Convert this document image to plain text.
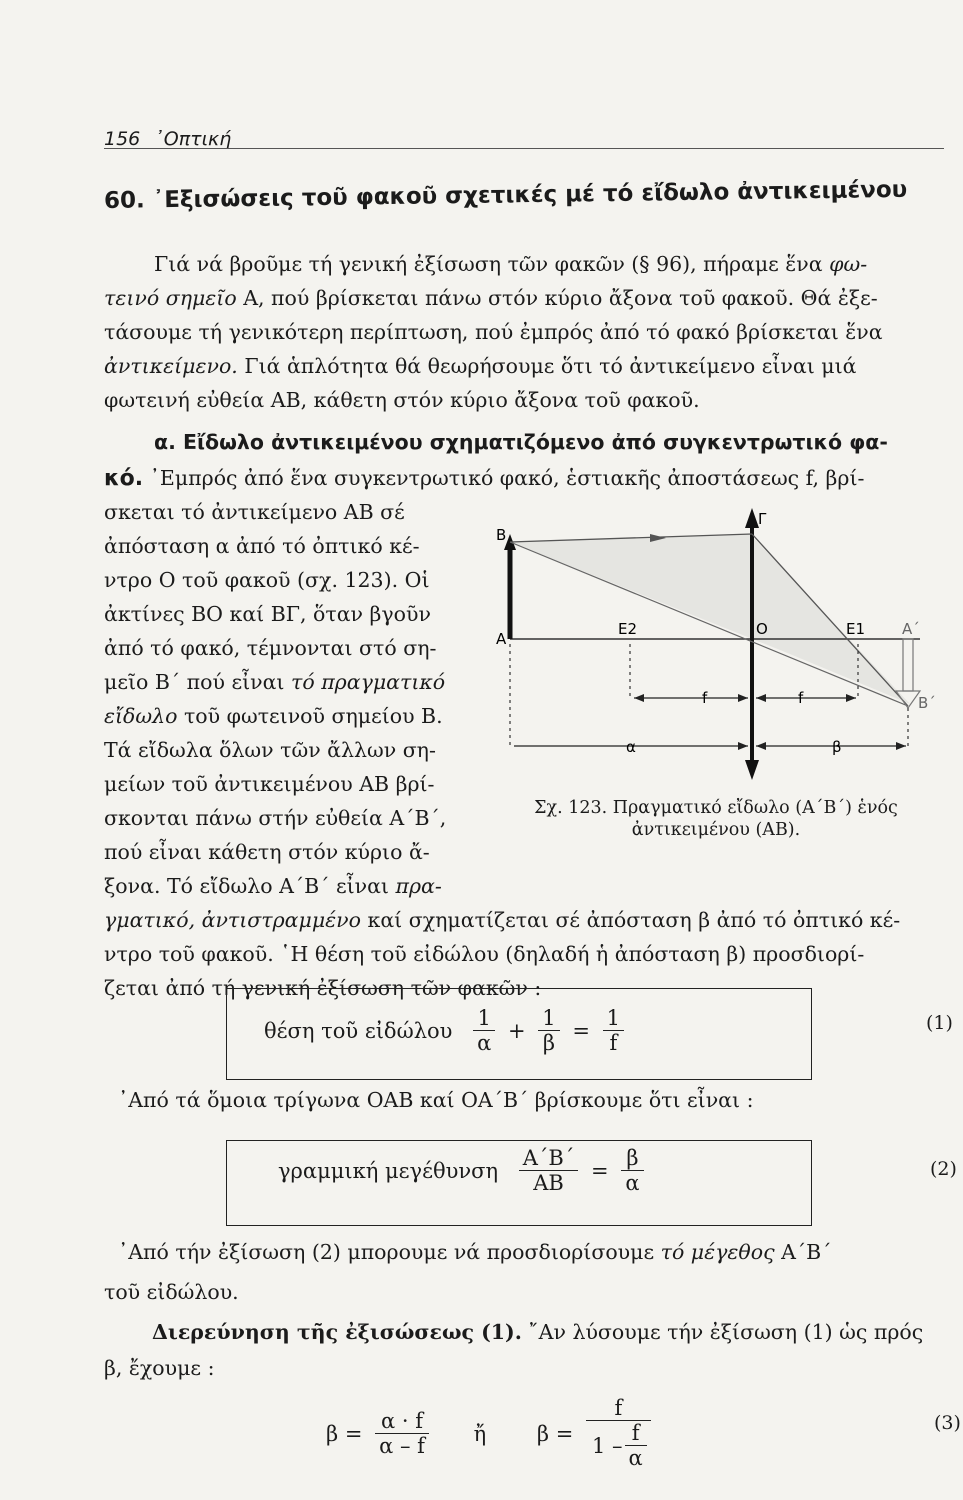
156 ᾽Οπτική
60. ᾽Εξισώσεις τοῦ φακοῦ σχετικές μέ τό εἴδωλο ἀντικειμένου
Γιά νά βροῦμε τή γενική ἐξίσωση τῶν φακῶν (§ 96), πήραμε ἕνα φω-
τεινό σημεῖο Α, πού βρίσκεται πάνω στόν κύριο ἄξονα τοῦ φακοῦ. Θά ἐξε-
τάσουμε τή γενικότερη περίπτωση, πού ἐμπρός ἀπό τό φακό βρίσκεται ἕνα
ἀντικείμενο. Γιά ἁπλότητα θά θεωρήσουμε ὅτι τό ἀντικείμενο εἶναι μιά
φωτεινή εὐθεία ΑΒ, κάθετη στόν κύριο ἄξονα τοῦ φακοῦ.
α. Εἴδωλο ἀντικειμένου σχηματιζόμενο ἀπό συγκεντρωτικό φα-
κό. ᾽Εμπρός ἀπό ἕνα συγκεντρωτικό φακό, ἑστιακῆς ἀποστάσεως f, βρί-
σκεται τό ἀντικείμενο ΑΒ σέ
ἀπόσταση α ἀπό τό ὀπτικό κέ-
ντρο Ο τοῦ φακοῦ (σχ. 123). Οἱ
ἀκτίνες ΒΟ καί ΒΓ, ὅταν βγοῦν
ἀπό τό φακό, τέμνονται στό ση-
μεῖο Β΄ πού εἶναι τό πραγματικό
εἴδωλο τοῦ φωτεινοῦ σημείου Β.
Τά εἴδωλα ὅλων τῶν ἄλλων ση-
μείων τοῦ ἀντικειμένου ΑΒ βρί-
σκονται πάνω στήν εὐθεία Α΄Β΄,
πού εἶναι κάθετη στόν κύριο ἄ-
ξονα. Τό εἴδωλο Α΄Β΄ εἶναι πρα-
γματικό, ἀντιστραμμένο καί σχηματίζεται σέ ἀπόσταση β ἀπό τό ὀπτικό κέ-
ντρο τοῦ φακοῦ. ῾Η θέση τοῦ εἰδώλου (δηλαδή ἡ ἀπόσταση β) προσδιορί-
ζεται ἀπό τή γενική ἐξίσωση τῶν φακῶν :
Β
Α
Γ
Ε2	O	Ε1 Α΄
Β΄
f	f
α	β
Σχ. 123. Πραγματικό εἴδωλο (Α΄Β΄) ἑνός
ἀντικειμένου (ΑΒ).
θέση τοῦ εἰδώλου $\frac{1}{\alpha} + \frac{1}{\beta} = \frac{1}{f}$	(1)
᾽Από τά ὅμοια τρίγωνα ΟΑΒ καί ΟΑ΄Β΄ βρίσκουμε ὅτι εἶναι :
γραμμική μεγέθυνση $\frac{A΄B΄}{AB} = \frac{\beta}{\alpha}$	(2)
᾽Από τήν ἐξίσωση (2) μπορουμε νά προσδιορίσουμε τό μέγεθος Α΄Β΄
τοῦ εἰδώλου.
Διερεύνηση τῆς ἐξισώσεως (1). ῎Αν λύσουμε τήν ἐξίσωση (1) ὡς πρός
β, ἔχουμε :
$\beta = \frac{\alpha \cdot f}{\alpha - f}$ ἤ $\beta = \frac{f}{1 - \frac{f}{\alpha}}$	(3)
